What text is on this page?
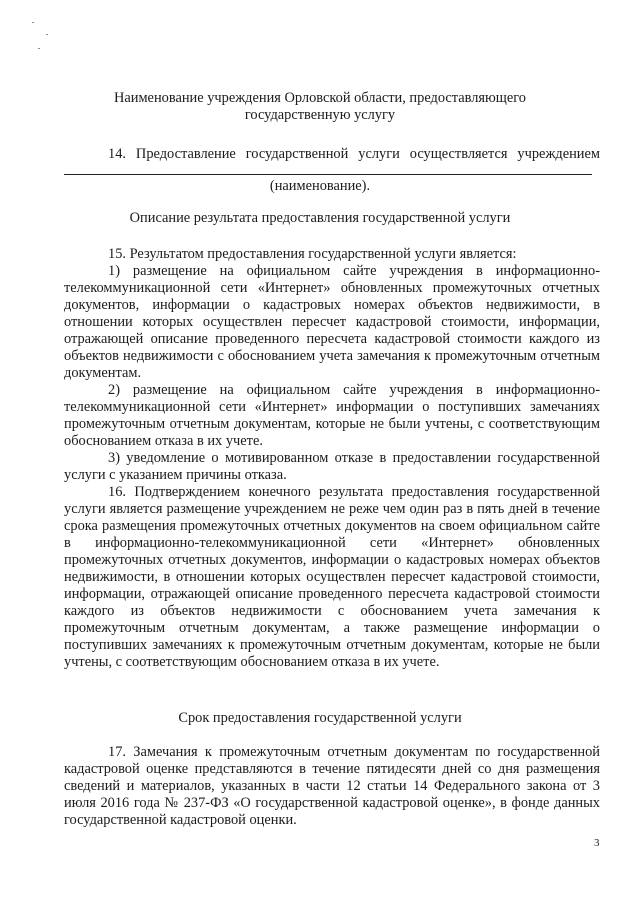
Наименование учреждения Орловской области, предоставляющего государственную услугу
14. Предоставление государственной услуги осуществляется учреждением
(наименование).
Описание результата предоставления государственной услуги
15. Результатом предоставления государственной услуги является:
1) размещение на официальном сайте учреждения в информационно-телекоммуникационной сети «Интернет» обновленных промежуточных отчетных документов, информации о кадастровых номерах объектов недвижимости, в отношении которых осуществлен пересчет кадастровой стоимости, информации, отражающей описание проведенного пересчета кадастровой стоимости каждого из объектов недвижимости с обоснованием учета замечания к промежуточным отчетным документам.
2) размещение на официальном сайте учреждения в информационно-телекоммуникационной сети «Интернет» информации о поступивших замечаниях промежуточным отчетным документам, которые не были учтены, с соответствующим обоснованием отказа в их учете.
3) уведомление о мотивированном отказе в предоставлении государственной услуги с указанием причины отказа.
16. Подтверждением конечного результата предоставления государственной услуги является размещение учреждением не реже чем один раз в пять дней в течение срока размещения промежуточных отчетных документов на своем официальном сайте в информационно-телекоммуникационной сети «Интернет» обновленных промежуточных отчетных документов, информации о кадастровых номерах объектов недвижимости, в отношении которых осуществлен пересчет кадастровой стоимости, информации, отражающей описание проведенного пересчета кадастровой стоимости каждого из объектов недвижимости с обоснованием учета замечания к промежуточным отчетным документам, а также размещение информации о поступивших замечаниях к промежуточным отчетным документам, которые не были учтены, с соответствующим обоснованием отказа в их учете.
Срок предоставления государственной услуги
17. Замечания к промежуточным отчетным документам по государственной кадастровой оценке представляются в течение пятидесяти дней со дня размещения сведений и материалов, указанных в части 12 статьи 14 Федерального закона от 3 июля 2016 года № 237-ФЗ «О государственной кадастровой оценке», в фонде данных государственной кадастровой оценки.
3
